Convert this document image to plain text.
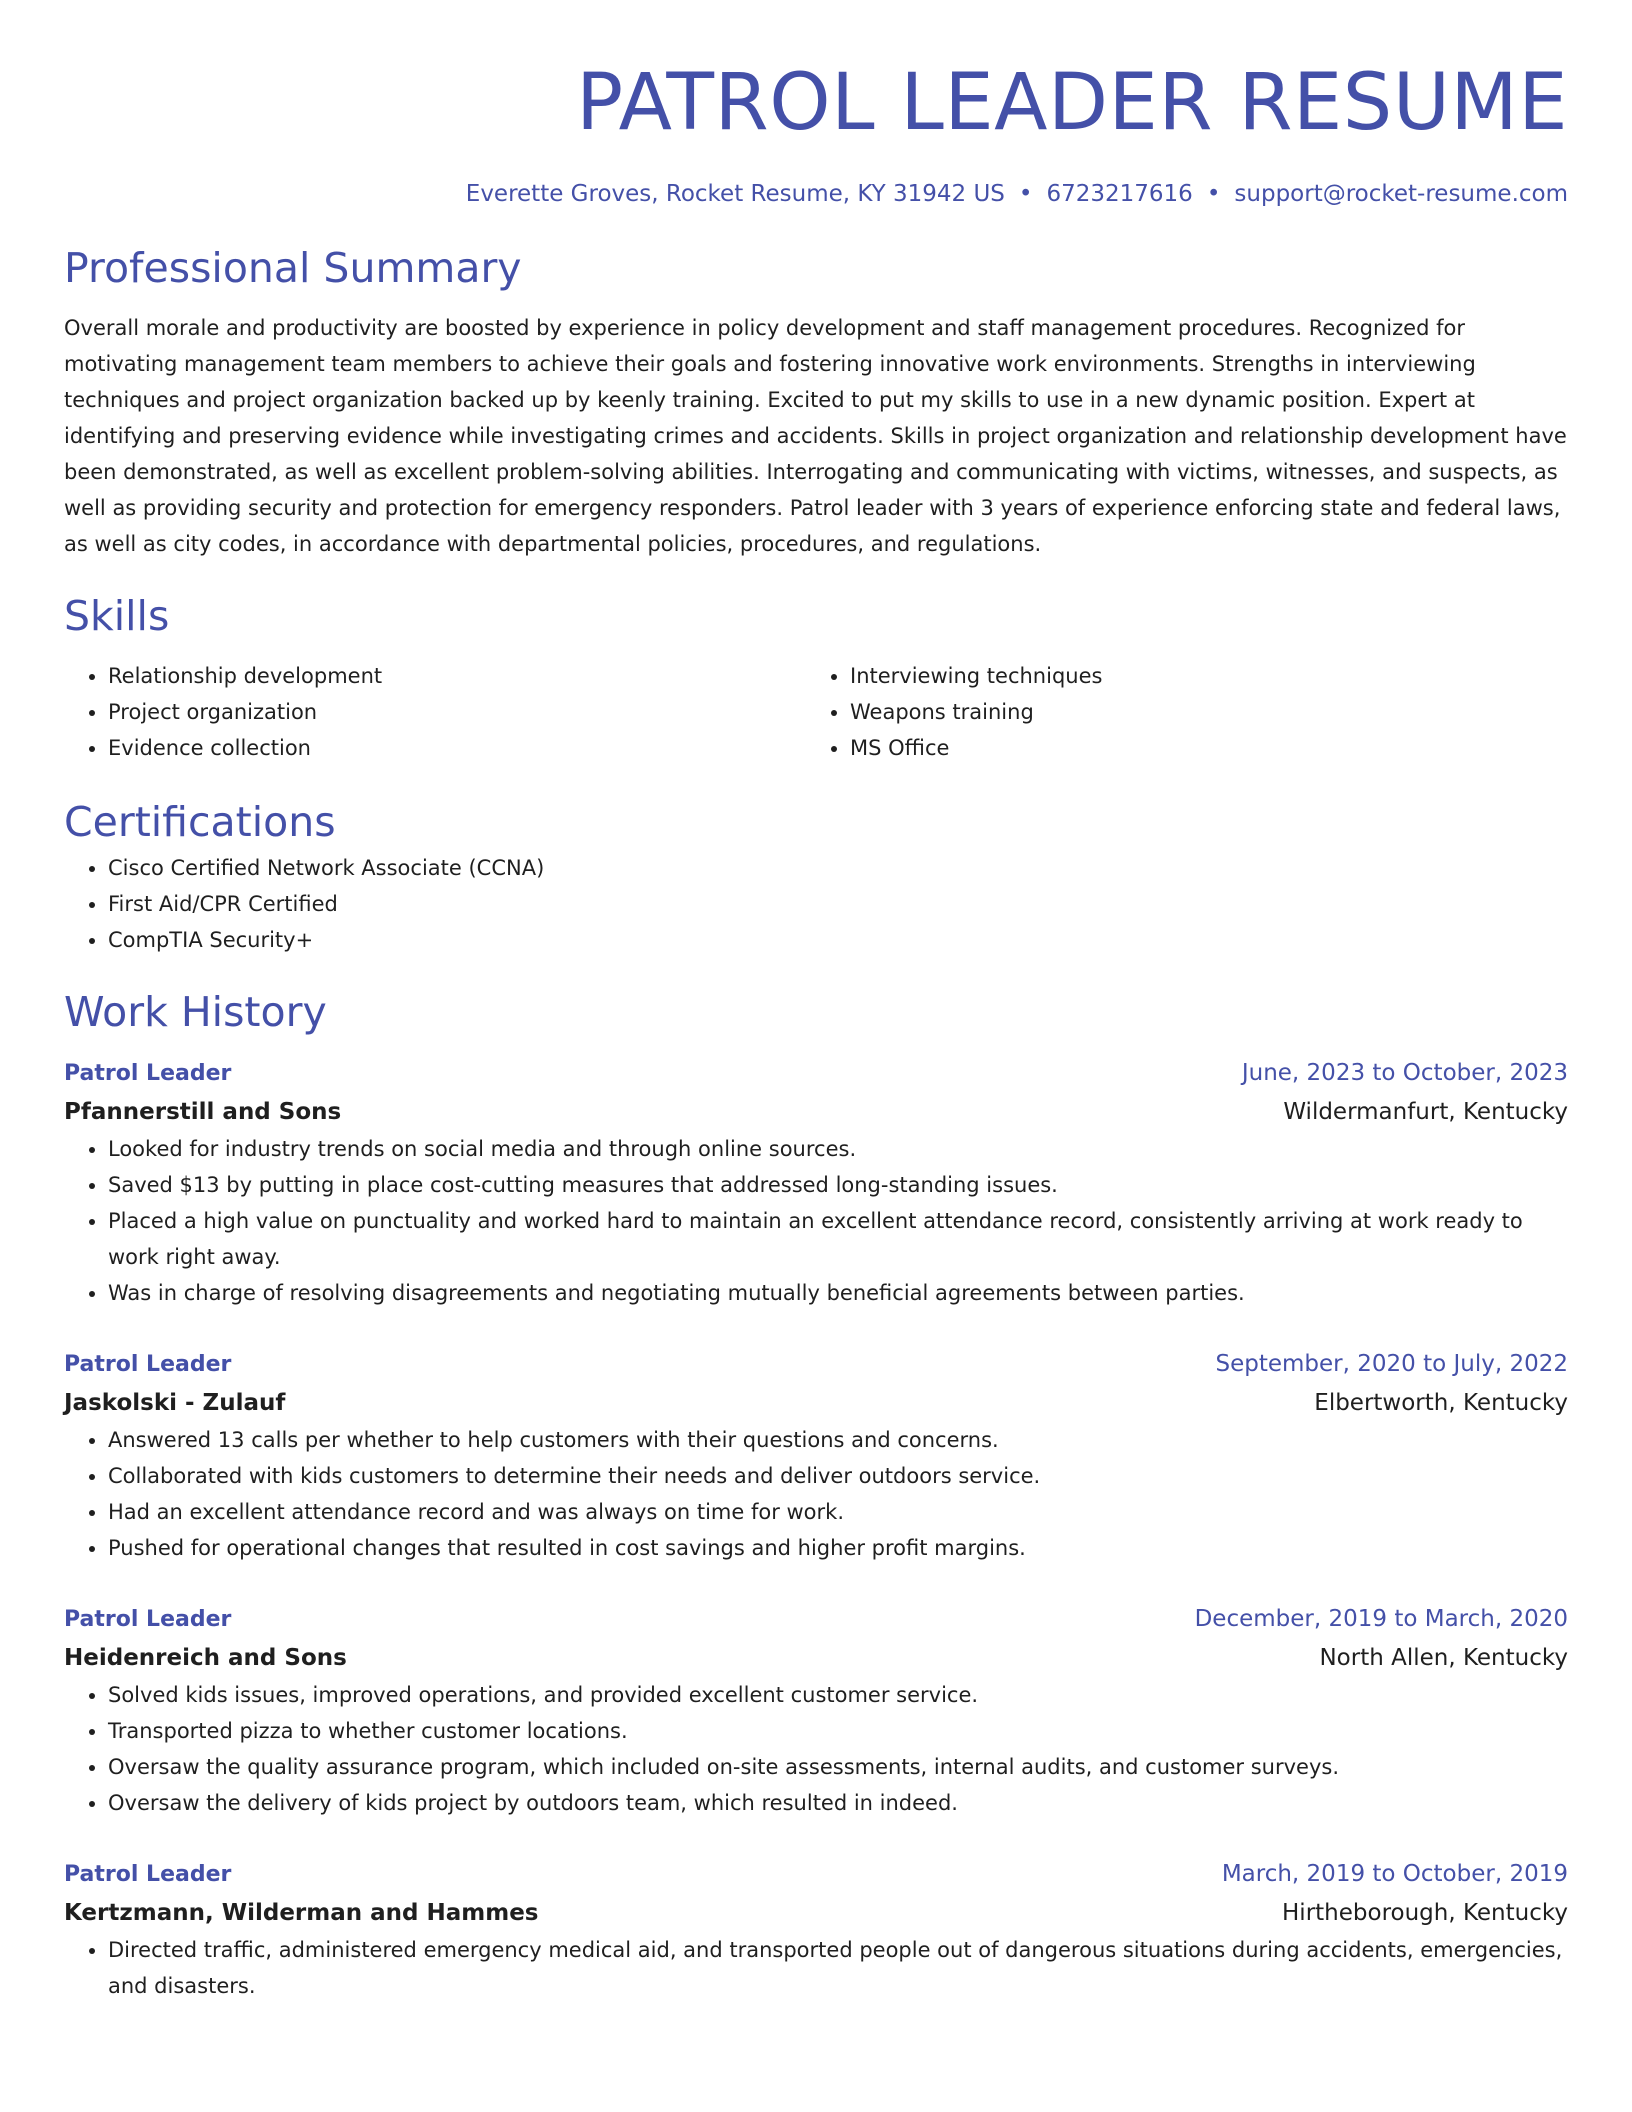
PATROL LEADER RESUME
Everette Groves, Rocket Resume, KY 31942 US • 6723217616 • support@rocket-resume.com
Professional Summary

Overall morale and productivity are boosted by experience in policy development and staff management procedures. Recognized for motivating management team members to achieve their goals and fostering innovative work environments. Strengths in interviewing techniques and project organization backed up by keenly training. Excited to put my skills to use in a new dynamic position. Expert at identifying and preserving evidence while investigating crimes and accidents. Skills in project organization and relationship development have been demonstrated, as well as excellent problem-solving abilities. Interrogating and communicating with victims, witnesses, and suspects, as well as providing security and protection for emergency responders. Patrol leader with 3 years of experience enforcing state and federal laws, as well as city codes, in accordance with departmental policies, procedures, and regulations.

Skills
• Relationship development
• Project organization
• Evidence collection
• Interviewing techniques
• Weapons training
• MS Office
Certifications
• Cisco Certified Network Associate (CCNA)
• First Aid/CPR Certified
• CompTIA Security+
Work History
Patrol Leader	June, 2023 to October, 2023
Pfannerstill and Sons	Wildermanfurt, Kentucky
• Looked for industry trends on social media and through online sources.
• Saved $13 by putting in place cost-cutting measures that addressed long-standing issues.
• Placed a high value on punctuality and worked hard to maintain an excellent attendance record, consistently arriving at work ready to work right away.
• Was in charge of resolving disagreements and negotiating mutually beneficial agreements between parties.
Patrol Leader	September, 2020 to July, 2022
Jaskolski - Zulauf	Elbertworth, Kentucky
• Answered 13 calls per whether to help customers with their questions and concerns.
• Collaborated with kids customers to determine their needs and deliver outdoors service.
• Had an excellent attendance record and was always on time for work.
• Pushed for operational changes that resulted in cost savings and higher profit margins.
Patrol Leader	December, 2019 to March, 2020
Heidenreich and Sons	North Allen, Kentucky
• Solved kids issues, improved operations, and provided excellent customer service.
• Transported pizza to whether customer locations.
• Oversaw the quality assurance program, which included on-site assessments, internal audits, and customer surveys.
• Oversaw the delivery of kids project by outdoors team, which resulted in indeed.
Patrol Leader	March, 2019 to October, 2019
Kertzmann, Wilderman and Hammes	Hirtheborough, Kentucky
• Directed traffic, administered emergency medical aid, and transported people out of dangerous situations during accidents, emergencies, and disasters.
